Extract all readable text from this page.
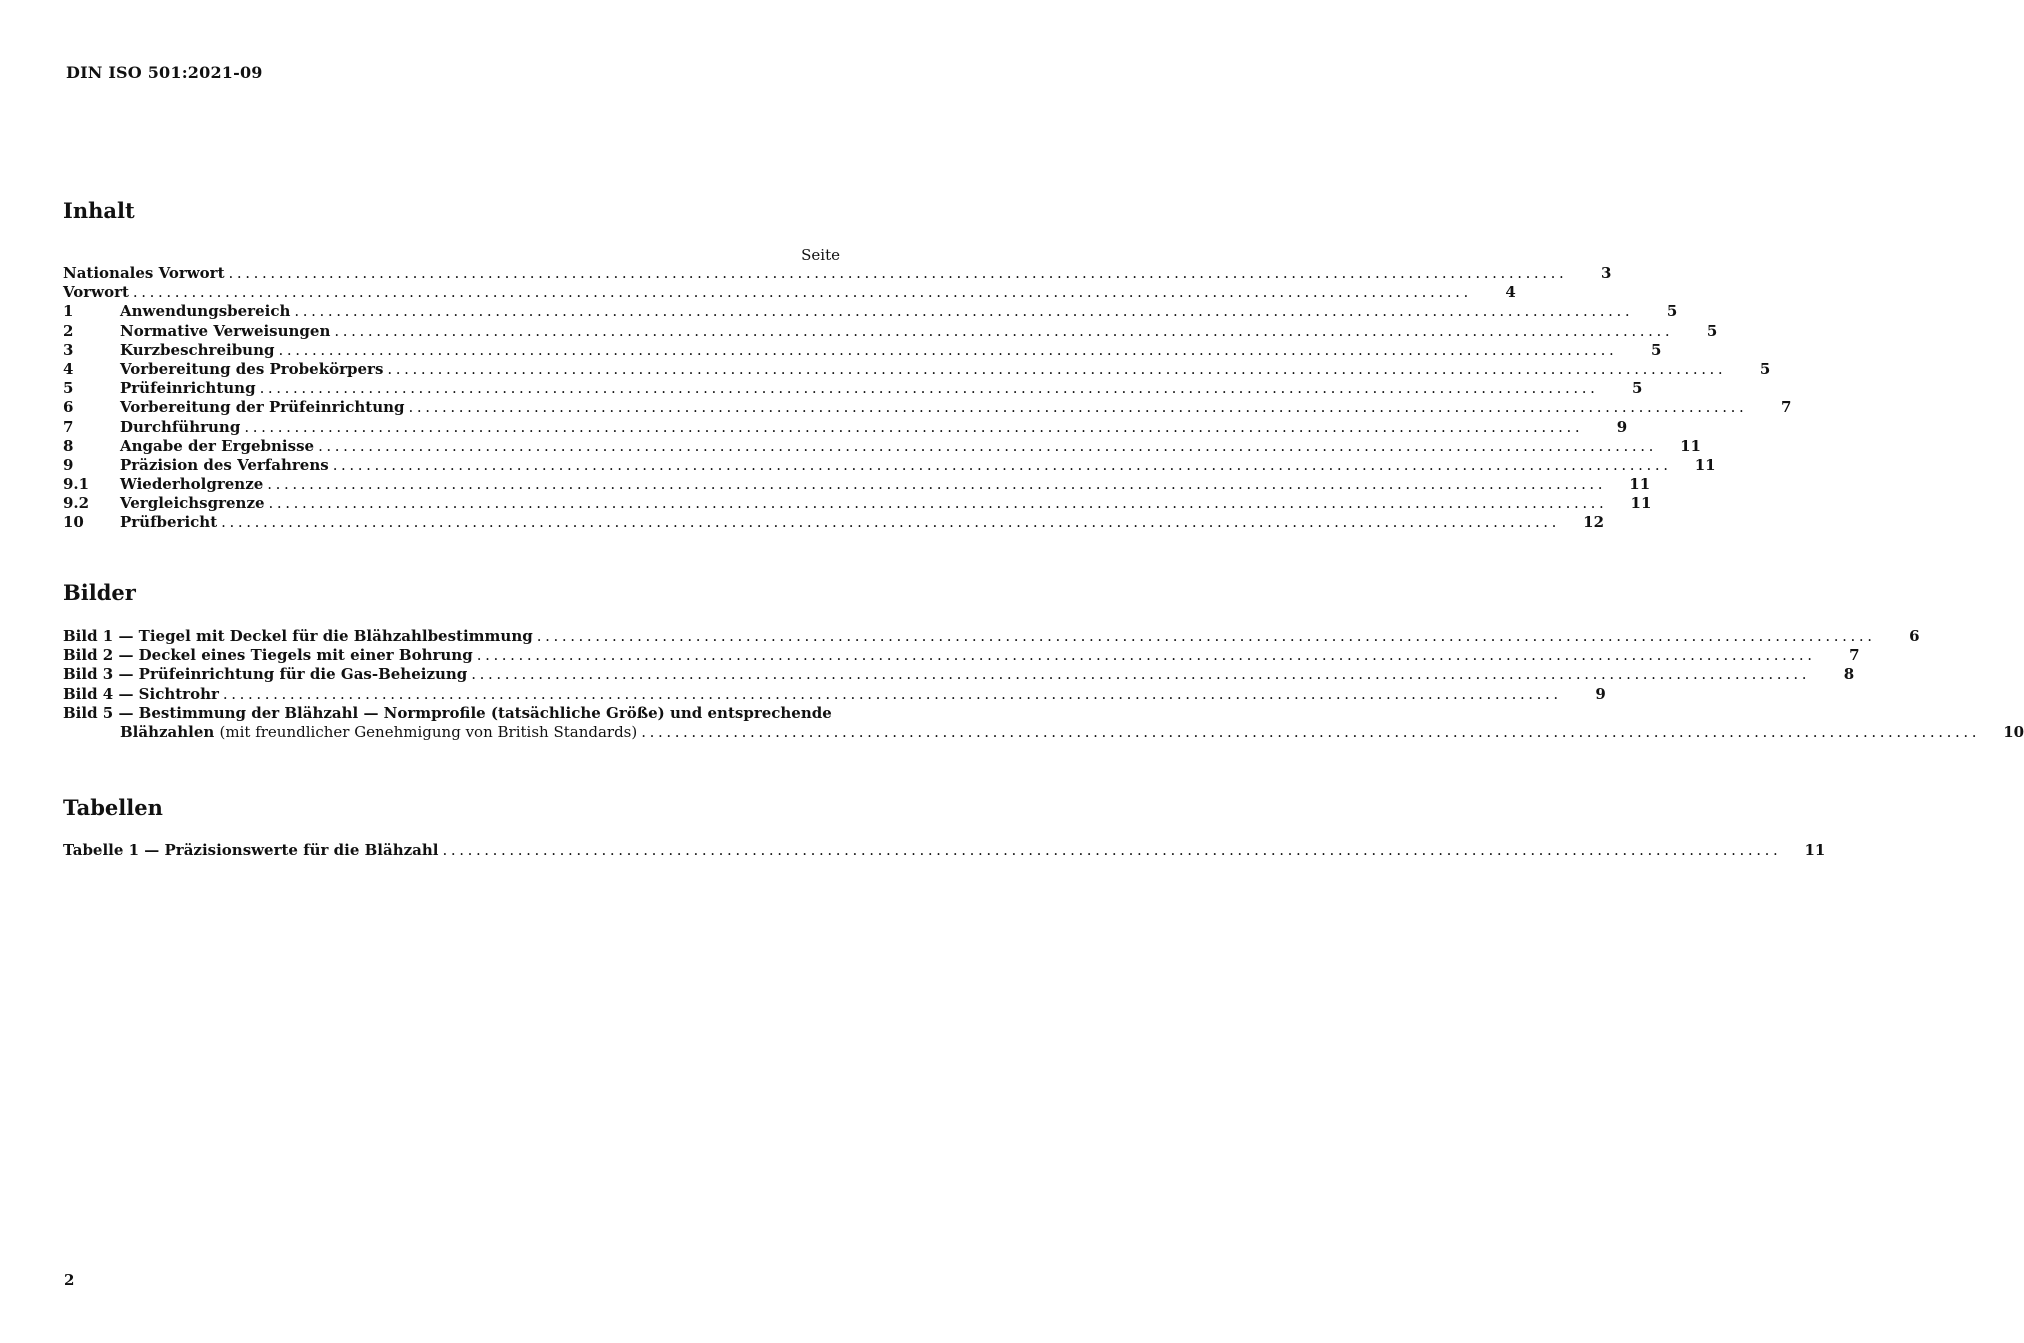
DIN ISO 501:2021-09
Inhalt
Seite
Nationales Vorwort ................................................................................................................................................................	3
Vorwort ................................................................................................................................................................	4
1	Anwendungsbereich ................................................................................................................................................................	5
2	Normative Verweisungen ................................................................................................................................................................	5
3	Kurzbeschreibung ................................................................................................................................................................	5
4	Vorbereitung des Probekörpers ................................................................................................................................................................	5
5	Prüfeinrichtung ................................................................................................................................................................	5
6	Vorbereitung der Prüfeinrichtung ................................................................................................................................................................	7
7	Durchführung ................................................................................................................................................................	9
8	Angabe der Ergebnisse ................................................................................................................................................................	11
9	Präzision des Verfahrens ................................................................................................................................................................	11
9.1	Wiederholgrenze ................................................................................................................................................................	11
9.2	Vergleichsgrenze ................................................................................................................................................................	11
10	Prüfbericht ................................................................................................................................................................	12
Bilder
Bild 1 — Tiegel mit Deckel für die Blähzahlbestimmung ................................................................................................................................................................	6
Bild 2 — Deckel eines Tiegels mit einer Bohrung ................................................................................................................................................................	7
Bild 3 — Prüfeinrichtung für die Gas-Beheizung ................................................................................................................................................................	8
Bild 4 — Sichtrohr ................................................................................................................................................................	9
Bild 5 — Bestimmung der Blähzahl — Normprofile (tatsächliche Größe) und entsprechende
Blähzahlen (mit freundlicher Genehmigung von British Standards) ................................................................................................................................................................	10
Tabellen
Tabelle 1 — Präzisionswerte für die Blähzahl ................................................................................................................................................................	11
2
